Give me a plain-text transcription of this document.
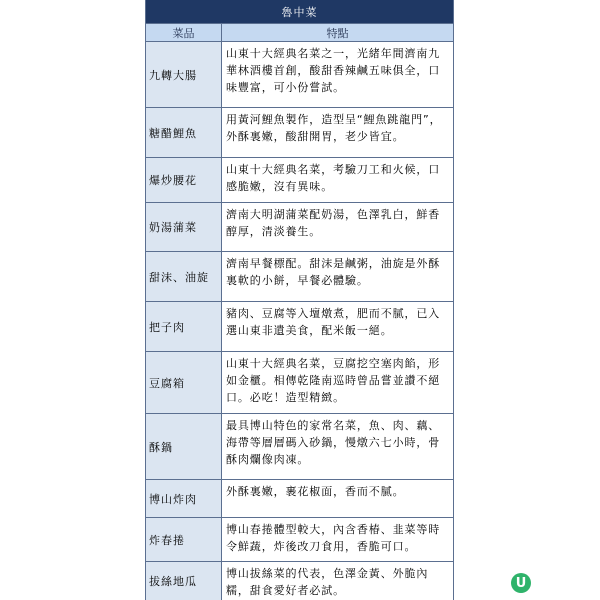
魯中菜
菜品	特點
九轉大腸
山東十大經典名菜之一，光緒年間濟南九華林酒樓首創，酸甜香辣鹹五味俱全，口味豐富，可小份嘗試。
糖醋鯉魚
用黃河鯉魚製作，造型呈“鯉魚跳龍門”，外酥裏嫩，酸甜開胃，老少皆宜。
爆炒腰花
山東十大經典名菜，考驗刀工和火候，口感脆嫩，沒有異味。
奶湯蒲菜
濟南大明湖蒲菜配奶湯，色澤乳白，鮮香醇厚，清淡養生。
甜沫、油旋
濟南早餐標配。甜沫是鹹粥，油旋是外酥裏軟的小餅，早餐必體驗。
把子肉
豬肉、豆腐等入壇燉煮，肥而不膩，已入選山東非遺美食，配米飯一絕。
豆腐箱
山東十大經典名菜，豆腐挖空塞肉餡，形如金櫃。相傳乾隆南巡時曾品嘗並讚不絕口。必吃！造型精緻。
酥鍋
最具博山特色的家常名菜，魚、肉、藕、海帶等層層碼入砂鍋，慢燉六七小時，骨酥肉爛像肉凍。
博山炸肉
外酥裏嫩，裹花椒面，香而不膩。
炸春捲
博山春捲體型較大，內含香椿、韭菜等時令鮮蔬，炸後改刀食用，香脆可口。
拔絲地瓜
博山拔絲菜的代表，色澤金黃、外脆內糯，甜食愛好者必試。	U
